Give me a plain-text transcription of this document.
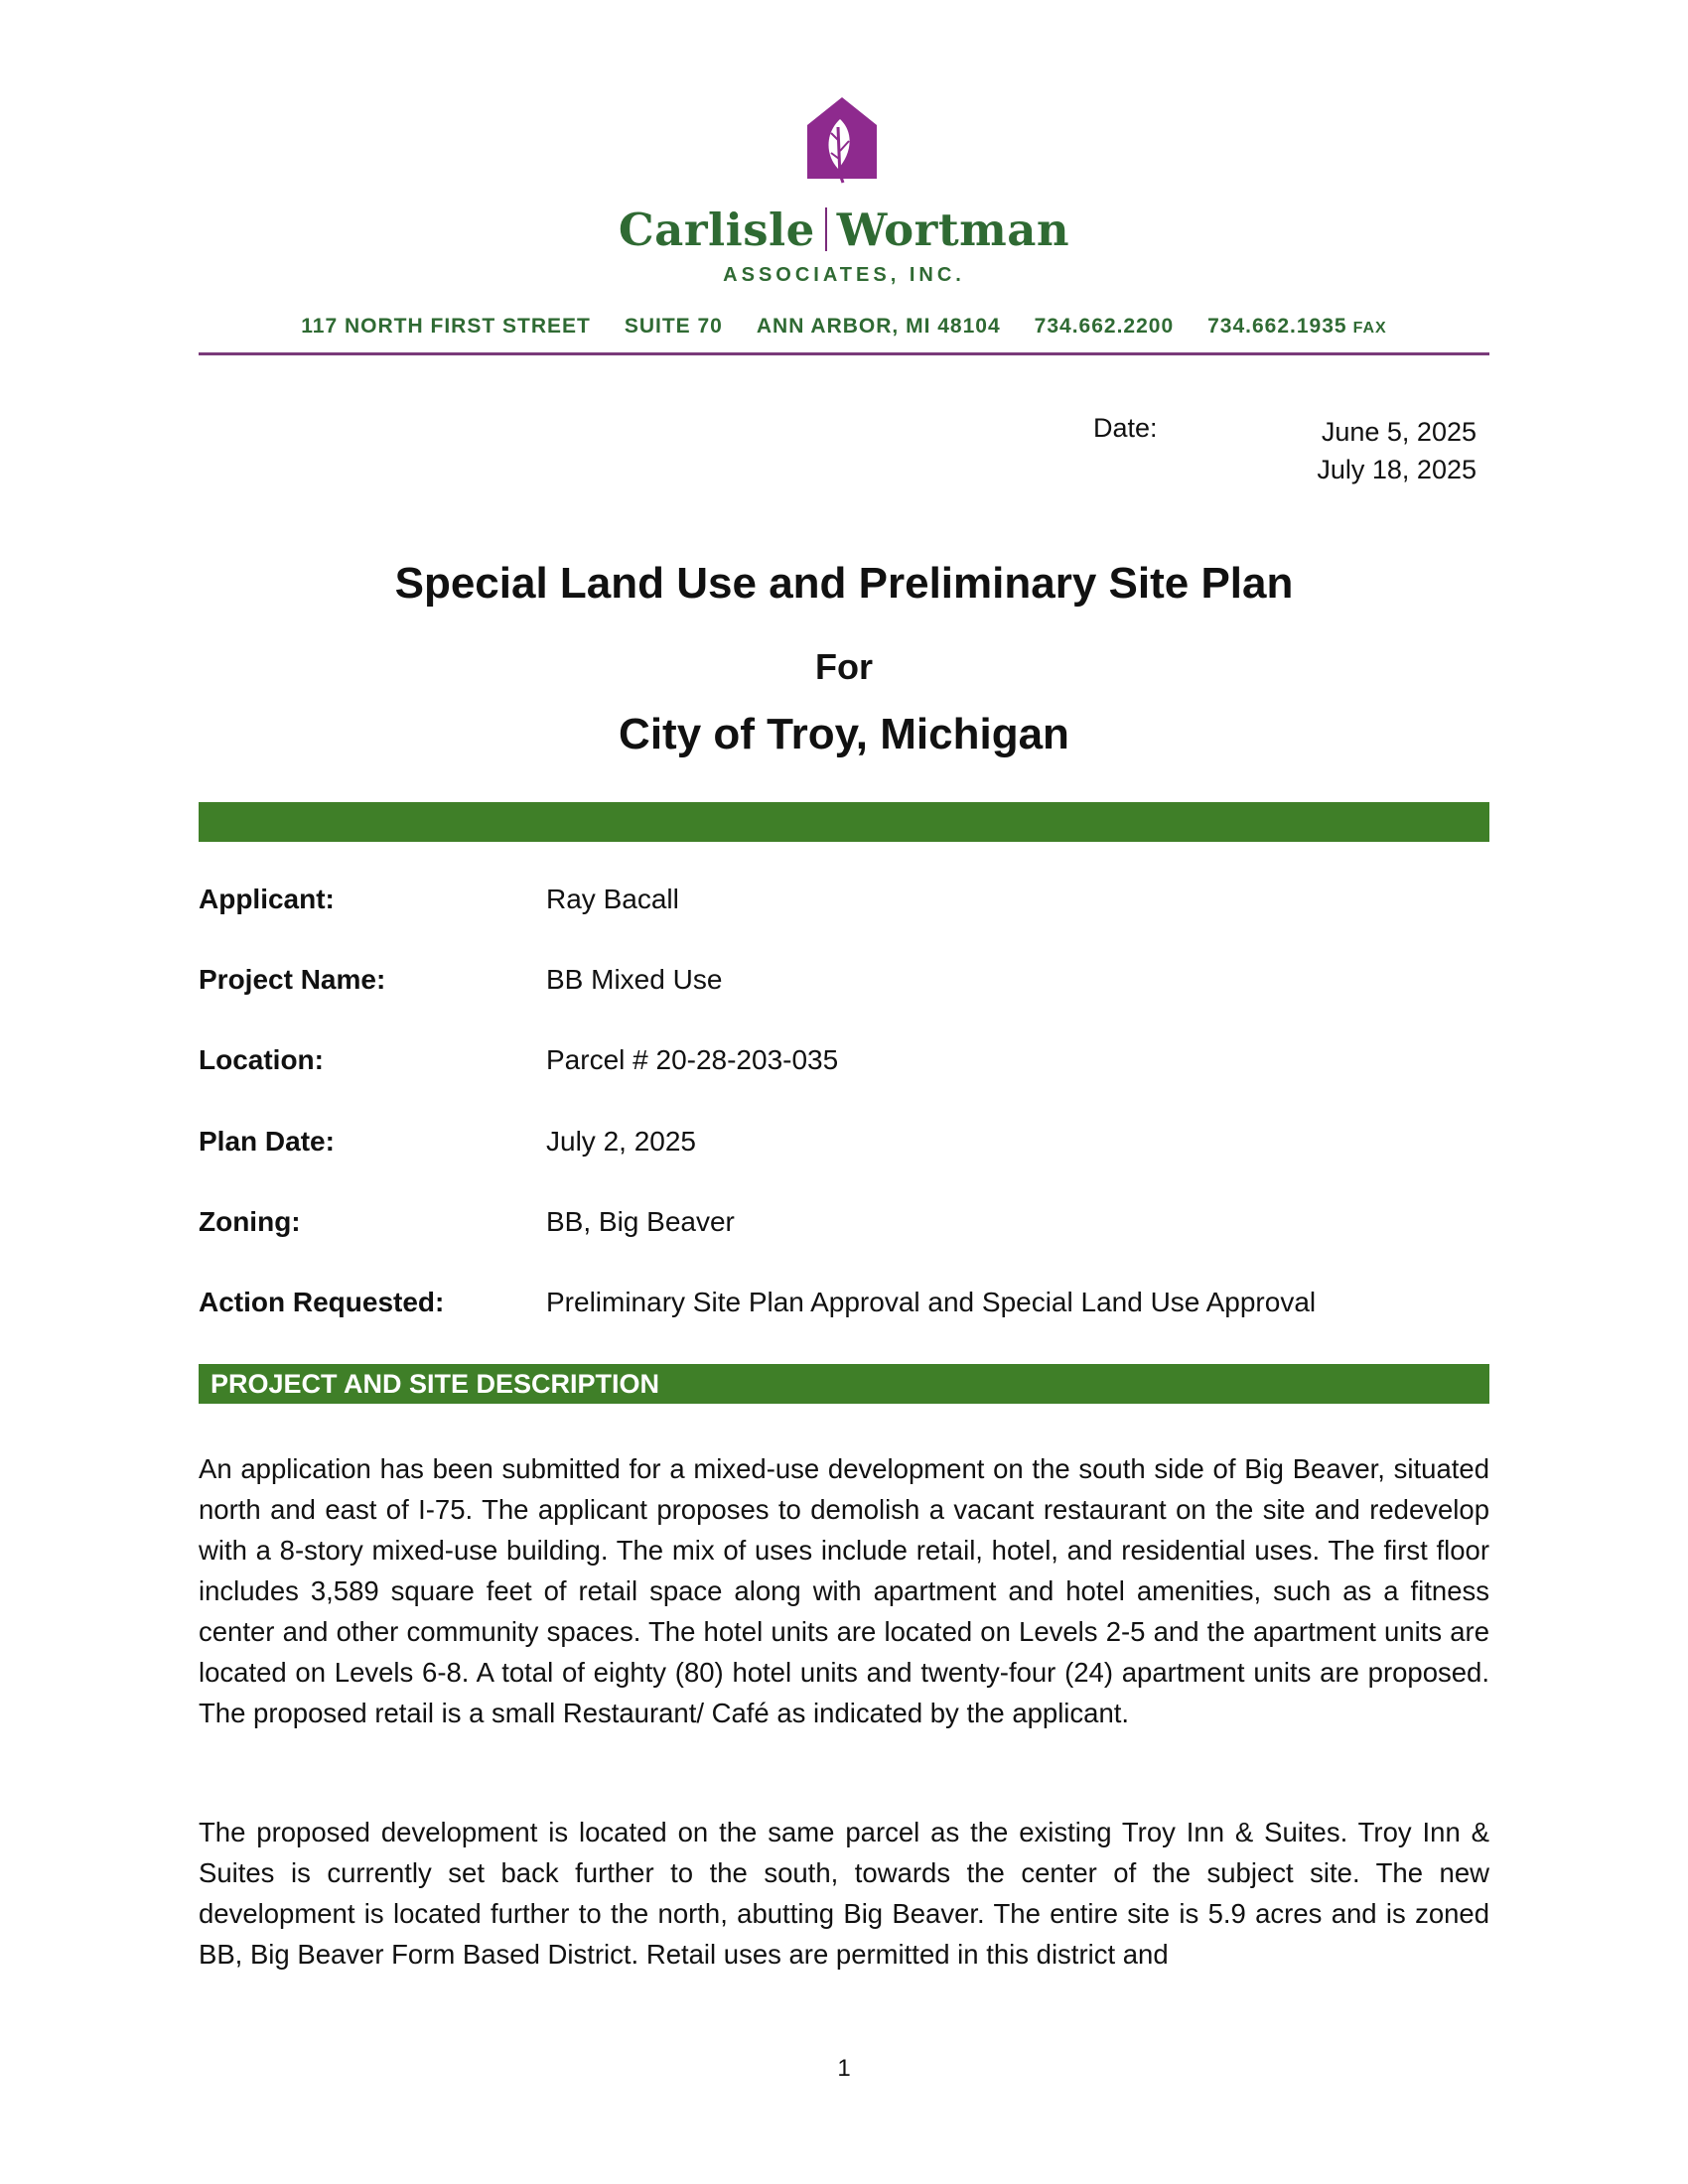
Carlisle Wortman
ASSOCIATES, INC.
117 NORTH FIRST STREET SUITE 70 ANN ARBOR, MI 48104 734.662.2200 734.662.1935 FAX
Date:	June 5, 2025
July 18, 2025
Special Land Use and Preliminary Site Plan
For
City of Troy, Michigan
Applicant:	Ray Bacall
Project Name:	BB Mixed Use
Location:	Parcel # 20-28-203-035
Plan Date:	July 2, 2025
Zoning:	BB, Big Beaver
Action Requested:	Preliminary Site Plan Approval and Special Land Use Approval
PROJECT AND SITE DESCRIPTION

An application has been submitted for a mixed-use development on the south side of Big Beaver, situated north and east of I-75. The applicant proposes to demolish a vacant restaurant on the site and redevelop with a 8-story mixed-use building. The mix of uses include retail, hotel, and residential uses. The first floor includes 3,589 square feet of retail space along with apartment and hotel amenities, such as a fitness center and other community spaces. The hotel units are located on Levels 2-5 and the apartment units are located on Levels 6-8. A total of eighty (80) hotel units and twenty-four (24) apartment units are proposed. The proposed retail is a small Restaurant/ Café as indicated by the applicant.

The proposed development is located on the same parcel as the existing Troy Inn & Suites. Troy Inn & Suites is currently set back further to the south, towards the center of the subject site. The new development is located further to the north, abutting Big Beaver. The entire site is 5.9 acres and is zoned BB, Big Beaver Form Based District. Retail uses are permitted in this district and

1
